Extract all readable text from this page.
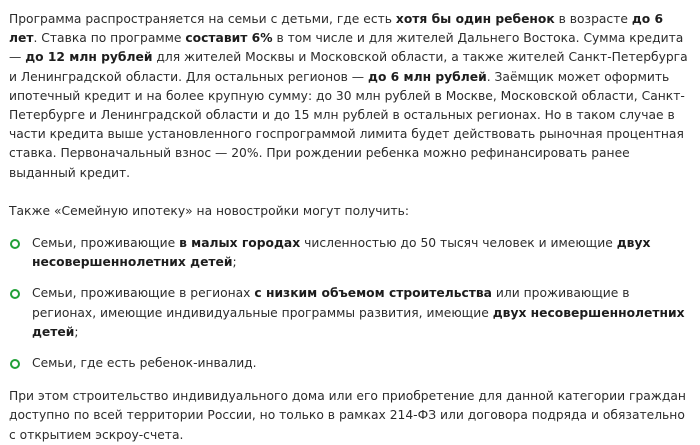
Программа распространяется на семьи с детьми, где есть хотя бы один ребенок в возрасте до 6 лет. Ставка по программе составит 6% в том числе и для жителей Дальнего Востока. Сумма кредита — до 12 млн рублей для жителей Москвы и Московской области, а также жителей Санкт-Петербурга и Ленинградской области. Для остальных регионов — до 6 млн рублей. Заёмщик может оформить ипотечный кредит и на более крупную сумму: до 30 млн рублей в Москве, Московской области, Санкт-Петербурге и Ленинградской области и до 15 млн рублей в остальных регионах. Но в таком случае в части кредита выше установленного госпрограммой лимита будет действовать рыночная процентная ставка. Первоначальный взнос — 20%. При рождении ребенка можно рефинансировать ранее выданный кредит.

Также «Семейную ипотеку» на новостройки могут получить:

Семьи, проживающие в малых городах численностью до 50 тысяч человек и имеющие двух несовершеннолетних детей;
Семьи, проживающие в регионах с низким объемом строительства или проживающие в регионах, имеющие индивидуальные программы развития, имеющие двух несовершеннолетних детей;
Семьи, где есть ребенок-инвалид.

При этом строительство индивидуального дома или его приобретение для данной категории граждан доступно по всей территории России, но только в рамках 214-ФЗ или договора подряда и обязательно с открытием эскроу-счета.
